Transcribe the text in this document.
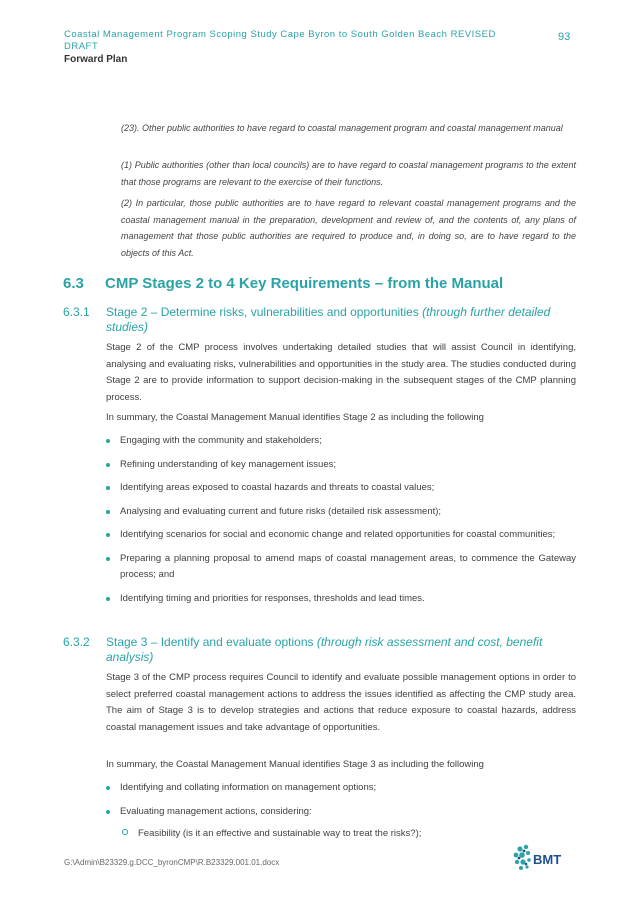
Coastal Management Program Scoping Study Cape Byron to South Golden Beach REVISED DRAFT
93
Forward Plan
(23). Other public authorities to have regard to coastal management program and coastal management manual
(1) Public authorities (other than local councils) are to have regard to coastal management programs to the extent that those programs are relevant to the exercise of their functions.
(2) In particular, those public authorities are to have regard to relevant coastal management programs and the coastal management manual in the preparation, development and review of, and the contents of, any plans of management that those public authorities are required to produce and, in doing so, are to have regard to the objects of this Act.
6.3 CMP Stages 2 to 4 Key Requirements – from the Manual
6.3.1 Stage 2 – Determine risks, vulnerabilities and opportunities (through further detailed studies)
Stage 2 of the CMP process involves undertaking detailed studies that will assist Council in identifying, analysing and evaluating risks, vulnerabilities and opportunities in the study area. The studies conducted during Stage 2 are to provide information to support decision-making in the subsequent stages of the CMP planning process.
In summary, the Coastal Management Manual identifies Stage 2 as including the following
Engaging with the community and stakeholders;
Refining understanding of key management issues;
Identifying areas exposed to coastal hazards and threats to coastal values;
Analysing and evaluating current and future risks (detailed risk assessment);
Identifying scenarios for social and economic change and related opportunities for coastal communities;
Preparing a planning proposal to amend maps of coastal management areas, to commence the Gateway process; and
Identifying timing and priorities for responses, thresholds and lead times.
6.3.2 Stage 3 – Identify and evaluate options (through risk assessment and cost, benefit analysis)
Stage 3 of the CMP process requires Council to identify and evaluate possible management options in order to select preferred coastal management actions to address the issues identified as affecting the CMP study area. The aim of Stage 3 is to develop strategies and actions that reduce exposure to coastal hazards, address coastal management issues and take advantage of opportunities.
In summary, the Coastal Management Manual identifies Stage 3 as including the following
Identifying and collating information on management options;
Evaluating management actions, considering:
Feasibility (is it an effective and sustainable way to treat the risks?);
G:\Admin\B23329.g.DCC_byronCMP\R.B23329.001.01.docx	BMT
